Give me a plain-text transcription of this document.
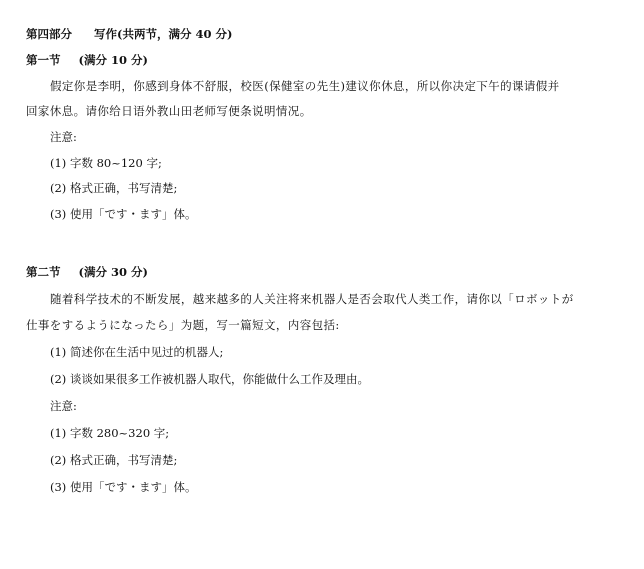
第四部分 写作(共两节，满分 40 分)
第一节 (满分 10 分)
假定你是李明，你感到身体不舒服，校医(保健室の先生)建议你休息，所以你决定下午的课请假并
回家休息。请你给日语外教山田老师写便条说明情况。
注意:
(1) 字数 80~120 字;
(2) 格式正确，书写清楚;
(3) 使用「です・ます」体。
第二节 (满分 30 分)
随着科学技术的不断发展，越来越多的人关注将来机器人是否会取代人类工作，请你以「ロボットが
仕事をするようになったら」为题，写一篇短文，内容包括:
(1) 简述你在生活中见过的机器人;
(2) 谈谈如果很多工作被机器人取代，你能做什么工作及理由。
注意:
(1) 字数 280~320 字;
(2) 格式正确，书写清楚;
(3) 使用「です・ます」体。
